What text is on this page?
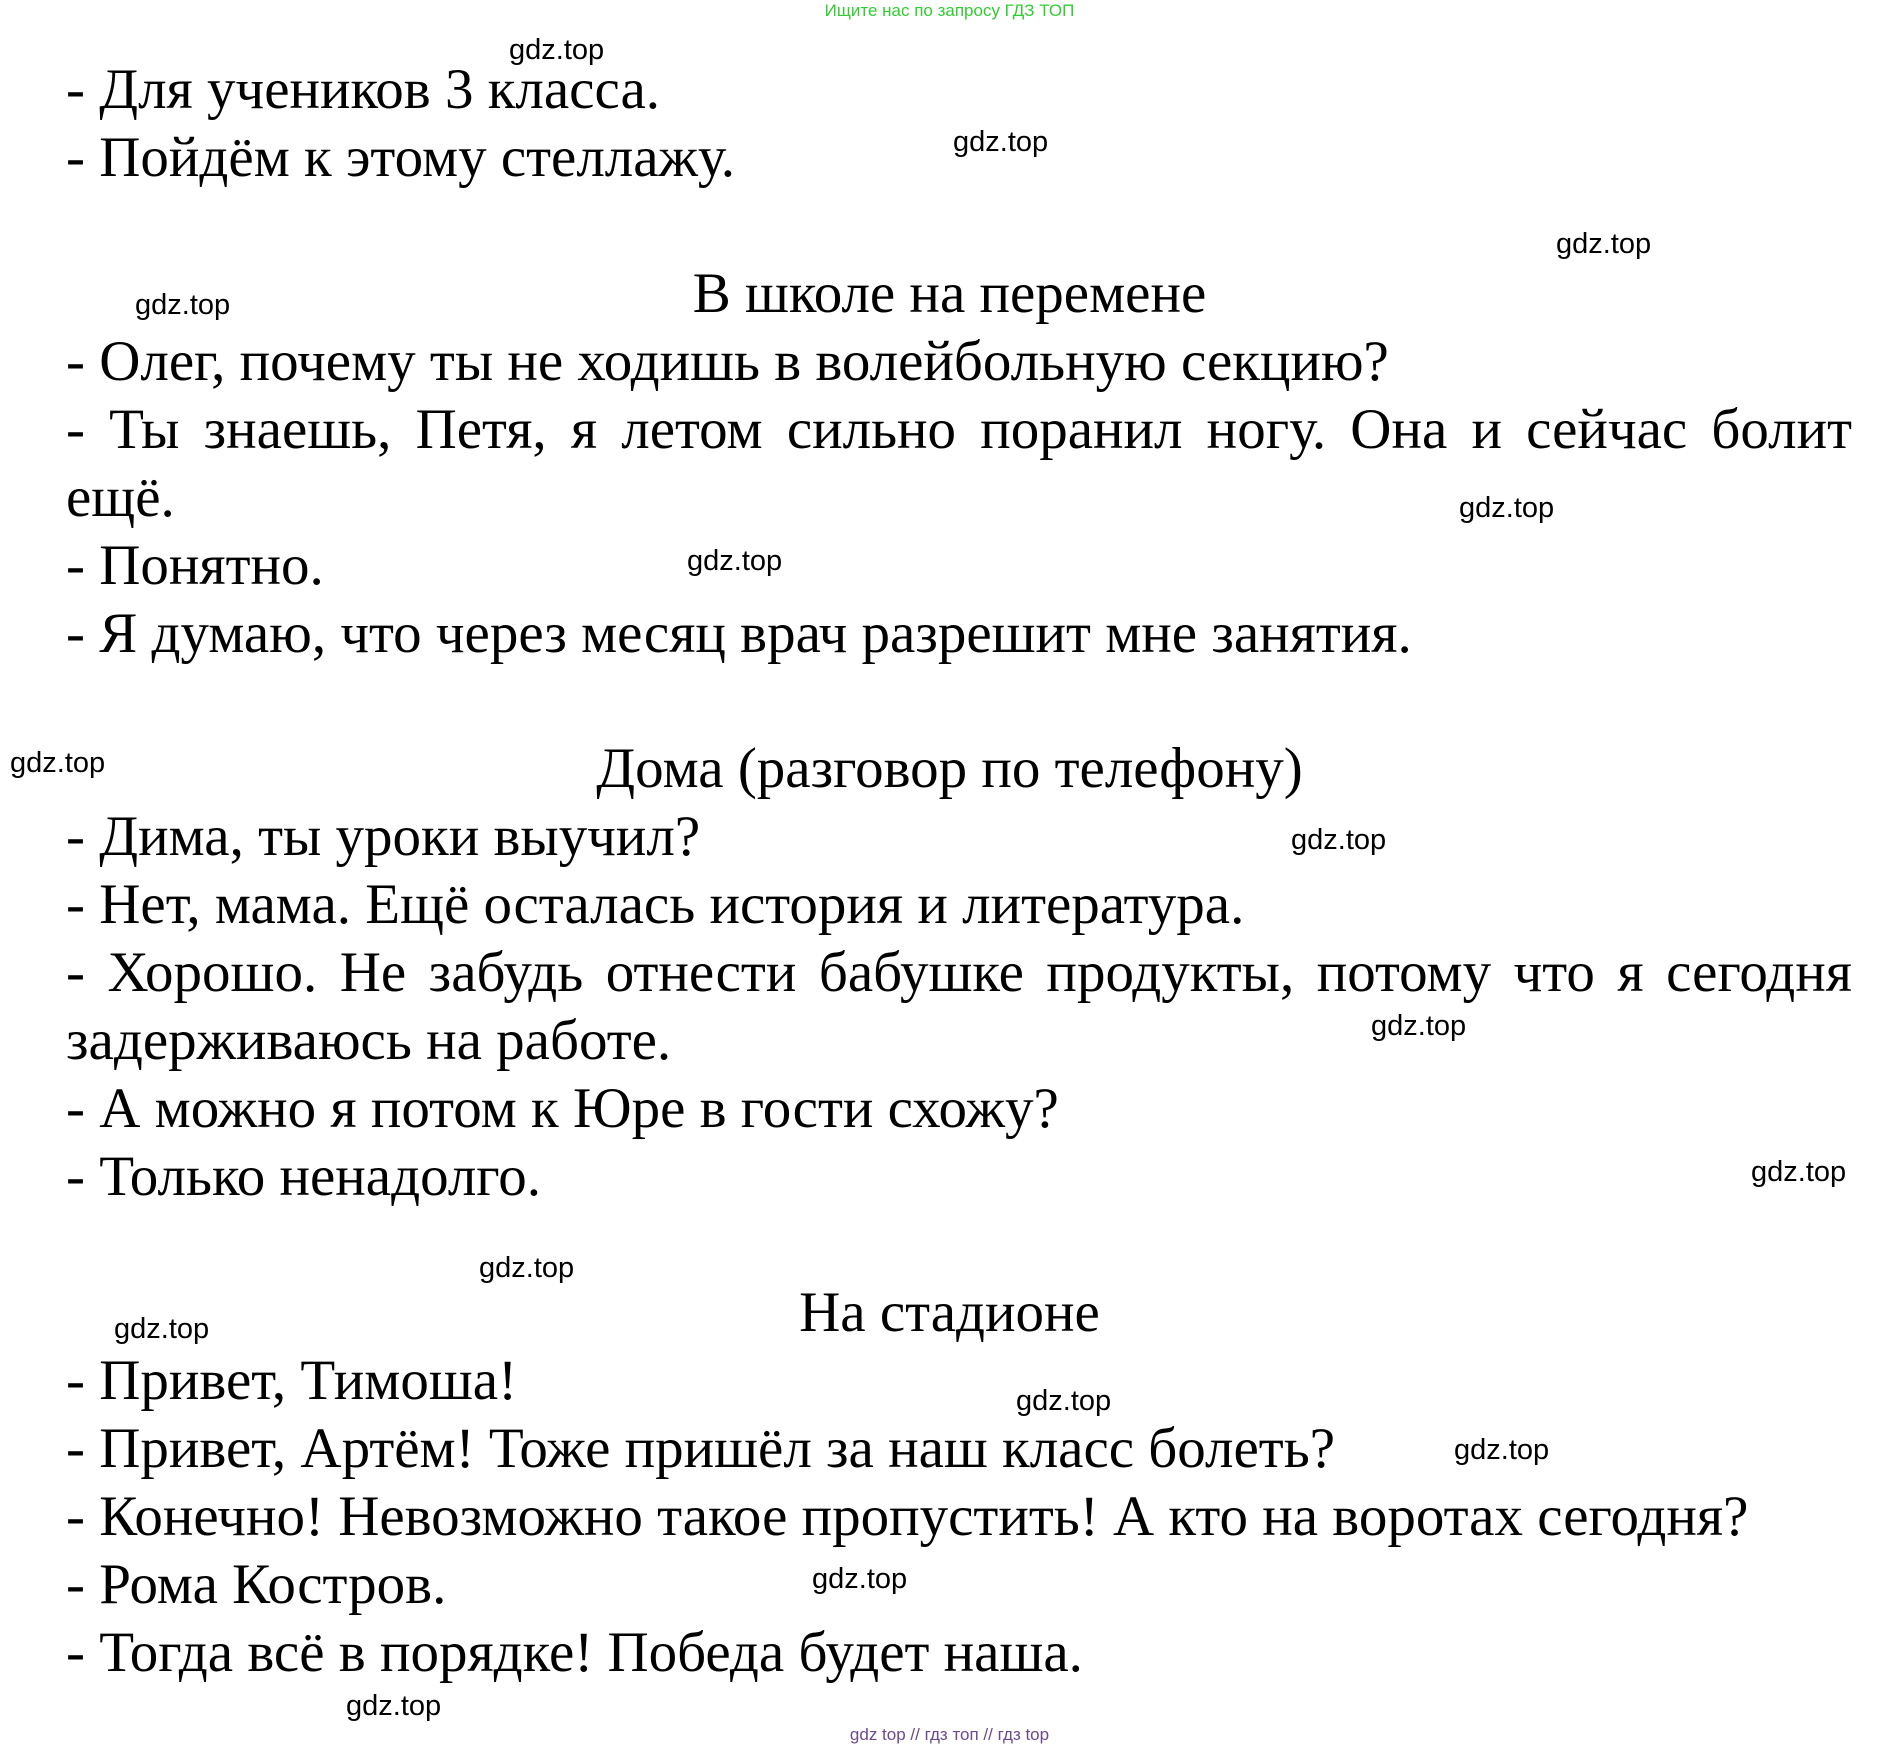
Ищите нас по запросу ГДЗ ТОП
- Для учеников 3 класса.
- Пойдём к этому стеллажу.
В школе на перемене
- Олег, почему ты не ходишь в волейбольную секцию?
- Ты знаешь, Петя, я летом сильно поранил ногу. Она и сейчас болит
ещё.
- Понятно.
- Я думаю, что через месяц врач разрешит мне занятия.
Дома (разговор по телефону)
- Дима, ты уроки выучил?
- Нет, мама. Ещё осталась история и литература.
- Хорошо. Не забудь отнести бабушке продукты, потому что я сегодня
задерживаюсь на работе.
- А можно я потом к Юре в гости схожу?
- Только ненадолго.
На стадионе
- Привет, Тимоша!
- Привет, Артём! Тоже пришёл за наш класс болеть?
- Конечно! Невозможно такое пропустить! А кто на воротах сегодня?
- Рома Костров.
- Тогда всё в порядке! Победа будет наша.
gdz.top
gdz.top
gdz.top
gdz.top
gdz.top
gdz.top
gdz.top
gdz.top
gdz.top
gdz.top
gdz.top
gdz.top
gdz.top
gdz.top
gdz.top
gdz.top
gdz top // гдз топ // гдз top
